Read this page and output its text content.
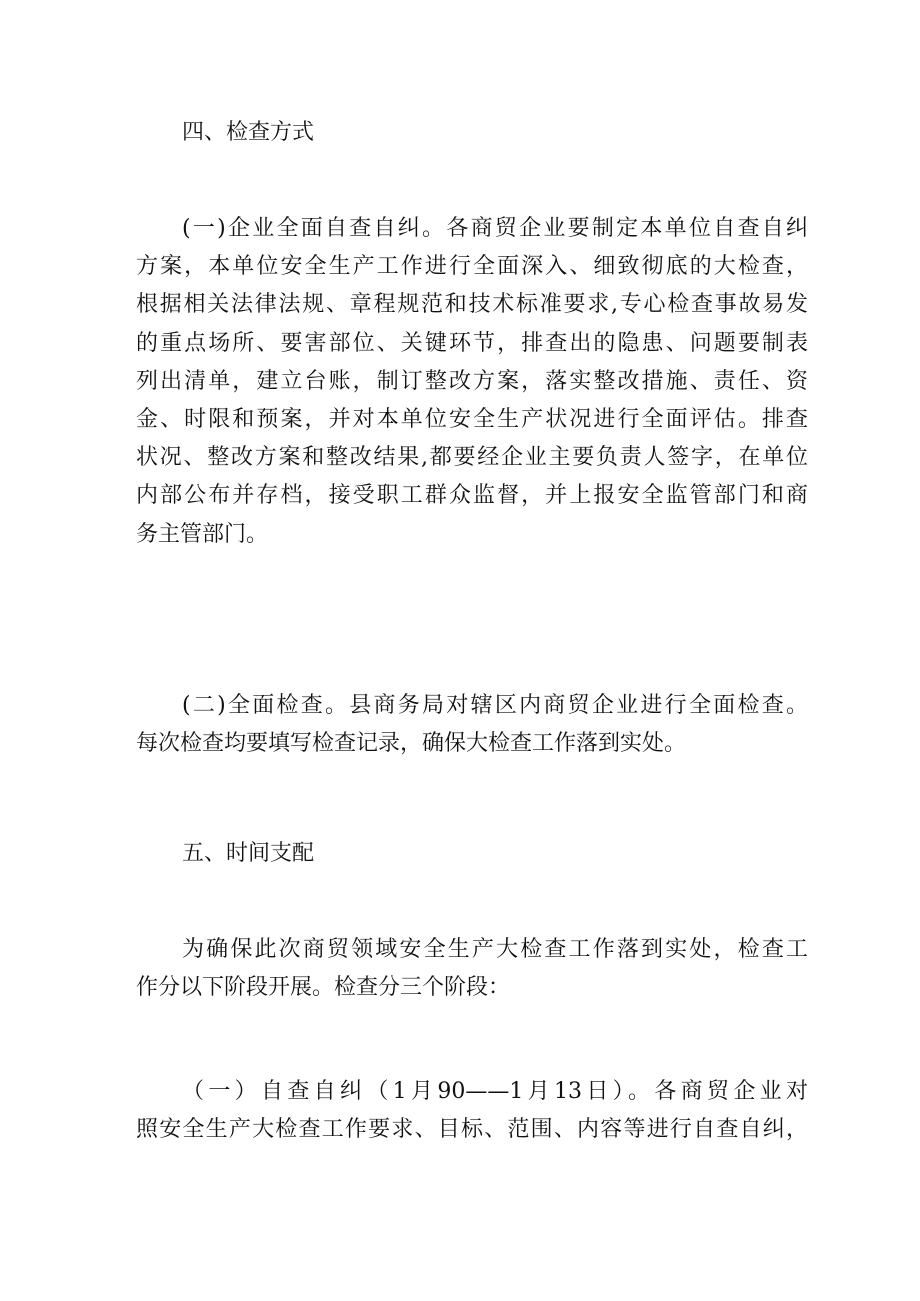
四、检查方式
(一)企业全面自查自纠。各商贸企业要制定本单位自查自纠
方案，本单位安全生产工作进行全面深入、细致彻底的大检查，
根据相关法律法规、章程规范和技术标准要求,专心检查事故易发
的重点场所、要害部位、关键环节，排查出的隐患、问题要制表
列出清单，建立台账，制订整改方案，落实整改措施、责任、资
金、时限和预案，并对本单位安全生产状况进行全面评估。排查
状况、整改方案和整改结果,都要经企业主要负责人签字，在单位
内部公布并存档，接受职工群众监督，并上报安全监管部门和商
务主管部门。
(二)全面检查。县商务局对辖区内商贸企业进行全面检查。
每次检查均要填写检查记录，确保大检查工作落到实处。
五、时间支配
为确保此次商贸领域安全生产大检查工作落到实处，检查工
作分以下阶段开展。检查分三个阶段：
（一）自查自纠（1月90——1月13日）。各商贸企业对
照安全生产大检查工作要求、目标、范围、内容等进行自查自纠，
